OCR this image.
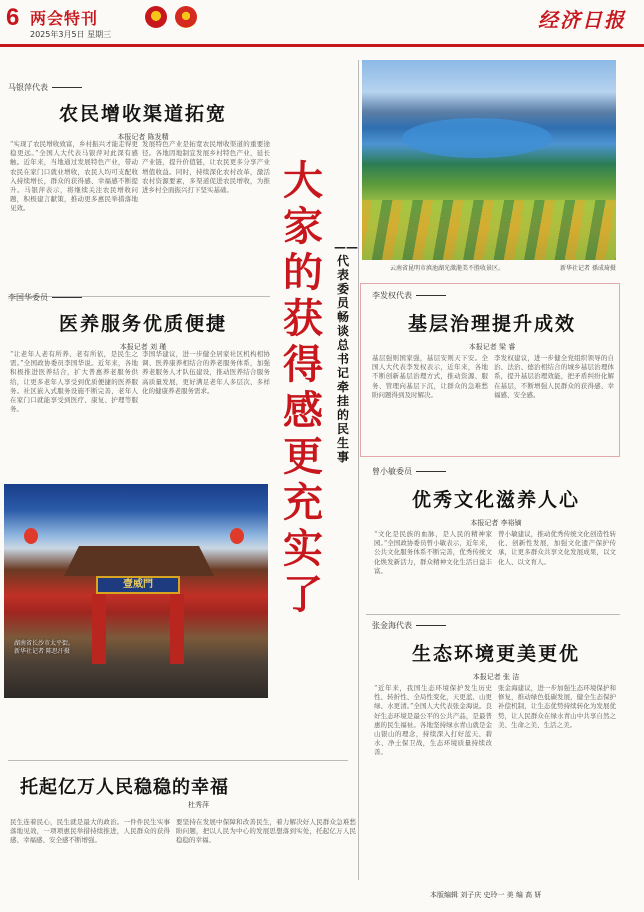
6 两会特刊
2025年3月5日 星期三
经济日报
马银萍代表
农民增收渠道拓宽
本报记者 陈发精
“实现了农民增收致富，乡村振兴才能走得更稳更远。”全国人大代表马银萍对此深有感触。近年来，当地通过发展特色产业，带动农民在家门口就业增收，农民人均可支配收入持续增长，群众的获得感、幸福感不断提升。马银萍表示，将继续关注农民增收问题，积极建言献策，推动更多惠民举措落地见效。
发展特色产业是拓宽农民增收渠道的重要途径。各地因地制宜发展乡村特色产业，延长产业链，提升价值链，让农民更多分享产业增值收益。同时，持续深化农村改革，激活农村资源要素，多渠道促进农民增收，为推进乡村全面振兴打下坚实基础。
李国华委员
医养服务优质便捷
本报记者 刘 瑾
“让老年人老有所养、老有所依，是民生之需。”全国政协委员李国华说。近年来，各地积极推进医养结合，扩大普惠养老服务供给，让更多老年人享受到优质便捷的医养服务。社区嵌入式服务设施不断完善，老年人在家门口就能享受到医疗、康复、护理等服务。
李国华建议，进一步健全居家社区机构相协调、医养康养相结合的养老服务体系，加强养老服务人才队伍建设，推动医养结合服务高质量发展，更好满足老年人多层次、多样化的健康养老服务需求。
壹威門
湖南省长沙市太平街。新华社记者 陈思汗摄
大家的获得感更充实了
——代表委员畅谈总书记牵挂的民生事
云南省昆明市滇池湖光潋滟美不胜收景区。	新华社记者 孫成琦摄
李发权代表
基层治理提升成效
本报记者 梁 睿
基层强则国家强，基层安则天下安。全国人大代表李发权表示，近年来，各地不断创新基层治理方式，推动资源、服务、管理向基层下沉，让群众的急难愁盼问题得到及时解决。
李发权建议，进一步健全党组织领导的自治、法治、德治相结合的城乡基层治理体系，提升基层治理效能，把矛盾纠纷化解在基层，不断增强人民群众的获得感、幸福感、安全感。
曾小敏委员
优秀文化滋养人心
本报记者 李裕镝
“文化是民族的血脉，是人民的精神家园。”全国政协委员曾小敏表示，近年来，公共文化服务体系不断完善，优秀传统文化焕发新活力，群众精神文化生活日益丰富。
曾小敏建议，推动优秀传统文化创造性转化、创新性发展，加强文化遗产保护传承，让更多群众共享文化发展成果，以文化人、以文育人。
张金海代表
生态环境更美更优
本报记者 张 洁
“近年来，我国生态环境保护发生历史性、转折性、全局性变化，天更蓝、山更绿、水更清。”全国人大代表张金海说。良好生态环境是最公平的公共产品，是最普惠的民生福祉。各地坚持绿水青山就是金山银山的理念，持续深入打好蓝天、碧水、净土保卫战，生态环境质量持续改善。
张金海建议，进一步加强生态环境保护和修复，推动绿色低碳发展，健全生态保护补偿机制，让生态优势持续转化为发展优势，让人民群众在绿水青山中共享自然之美、生命之美、生活之美。
托起亿万人民稳稳的幸福
杜秀萍
民生连着民心，民生就是最大的政治。一件件民生实事落地见效，一项项惠民举措持续推进，人民群众的获得感、幸福感、安全感不断增强。
要坚持在发展中保障和改善民生，着力解决好人民群众急难愁盼问题，把以人民为中心的发展思想落到实处，托起亿万人民稳稳的幸福。
本版编辑 刘子庆 史玲一 美 编 高 妍
